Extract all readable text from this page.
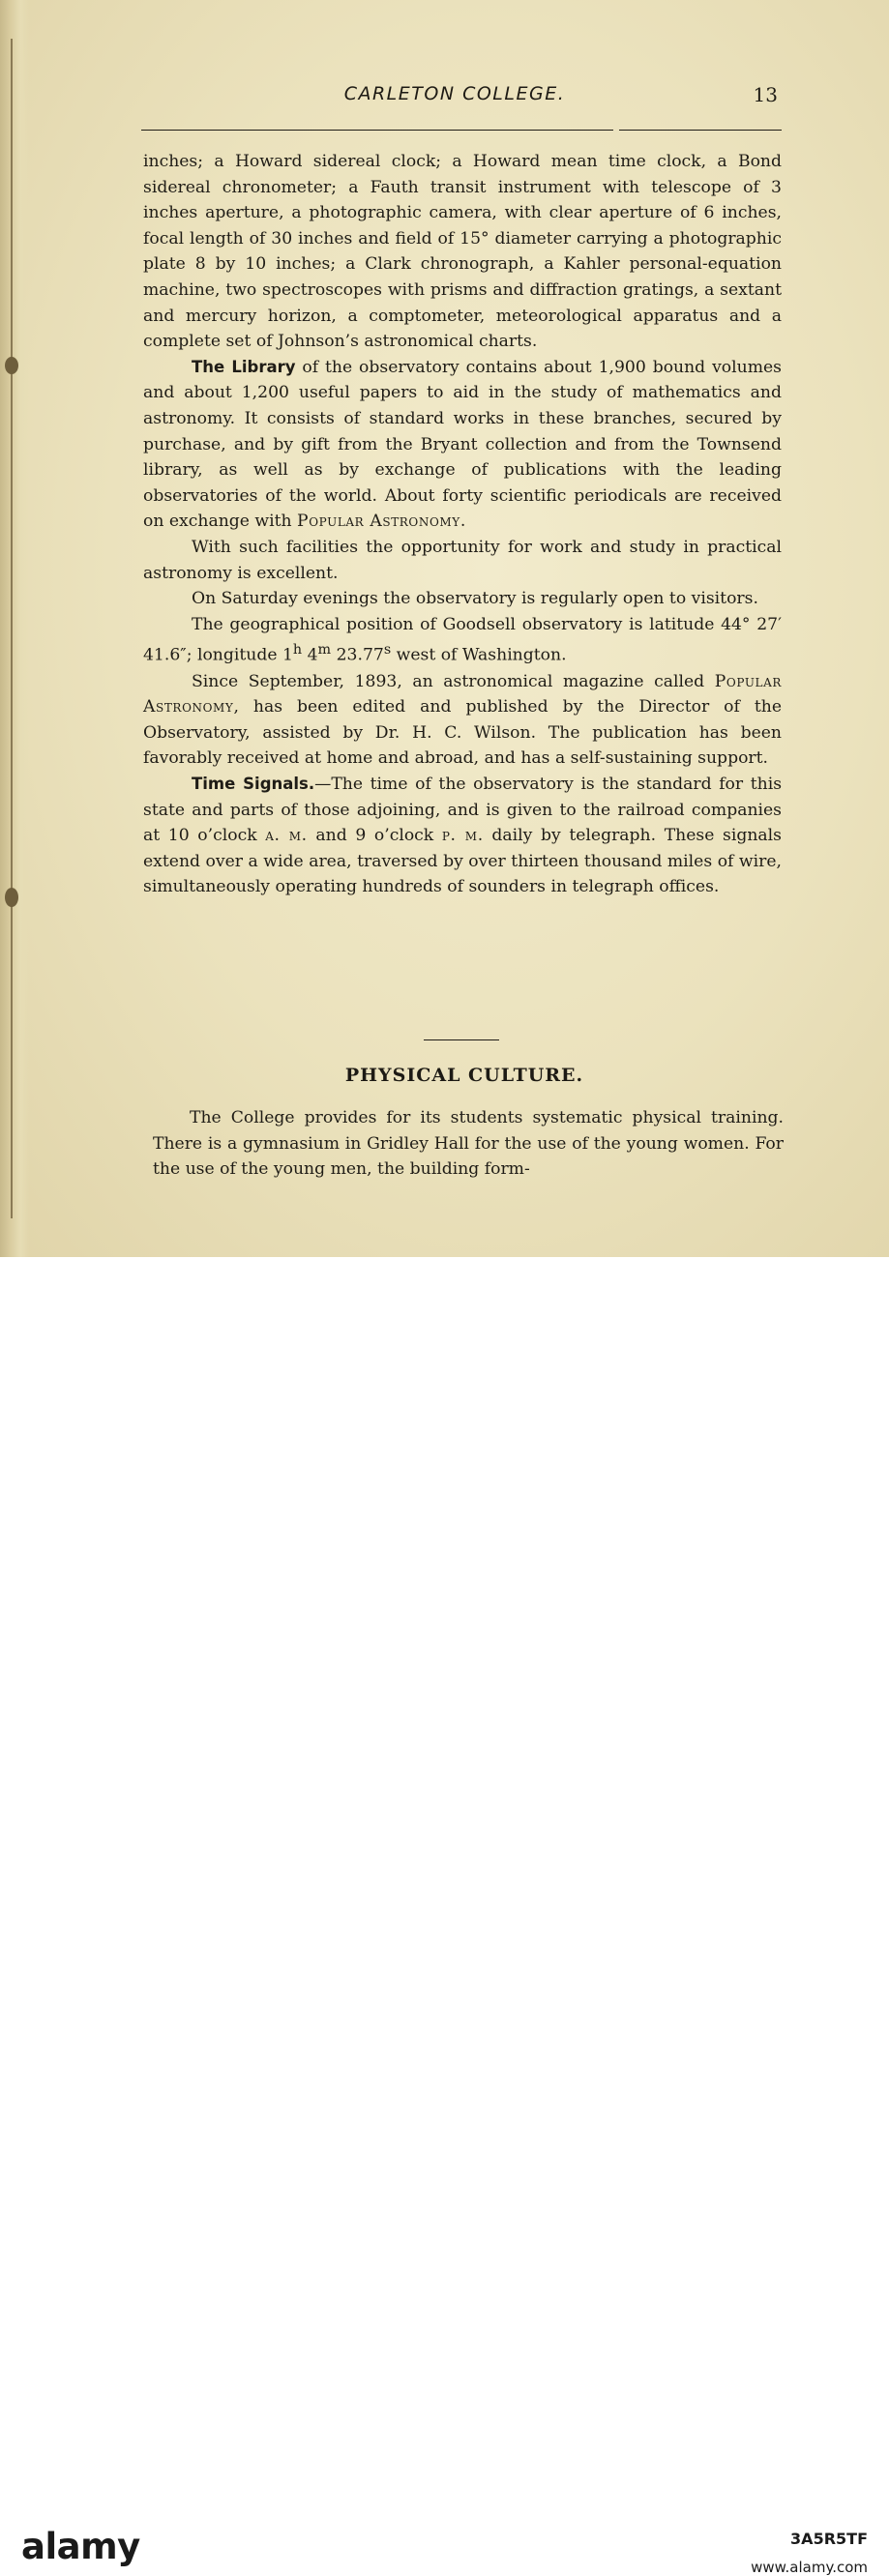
CARLETON COLLEGE.	13

inches; a Howard sidereal clock; a Howard mean time clock, a Bond sidereal chronometer; a Fauth transit instrument with telescope of 3 inches aperture, a photographic camera, with clear aperture of 6 inches, focal length of 30 inches and field of 15° diameter carrying a photographic plate 8 by 10 inches; a Clark chronograph, a Kahler personal-equation machine, two spectroscopes with prisms and diffraction gratings, a sextant and mercury horizon, a comptometer, meteorological apparatus and a complete set of Johnson’s astronomical charts.

The Library of the observatory contains about 1,900 bound volumes and about 1,200 useful papers to aid in the study of mathematics and astronomy. It consists of standard works in these branches, secured by purchase, and by gift from the Bryant collection and from the Townsend library, as well as by exchange of publications with the leading observatories of the world. About forty scientific periodicals are received on exchange with Popular Astronomy.

With such facilities the opportunity for work and study in practical astronomy is excellent.

On Saturday evenings the observatory is regularly open to visitors.

The geographical position of Goodsell observatory is latitude 44° 27′ 41.6″; longitude 1$^h$ 4$^m$ 23.77$^s$ west of Washington.

Since September, 1893, an astronomical magazine called Popular Astronomy, has been edited and published by the Director of the Observatory, assisted by Dr. H. C. Wilson. The publication has been favorably received at home and abroad, and has a self-sustaining support.

Time Signals.—The time of the observatory is the standard for this state and parts of those adjoining, and is given to the railroad companies at 10 o’clock a. m. and 9 o’clock p. m. daily by telegraph. These signals extend over a wide area, traversed by over thirteen thousand miles of wire, simultaneously operating hundreds of sounders in telegraph offices.

PHYSICAL CULTURE.

The College provides for its students systematic physical training. There is a gymnasium in Gridley Hall for the use of the young women. For the use of the young men, the building form-

alamy	3A5R5TF
www.alamy.com
